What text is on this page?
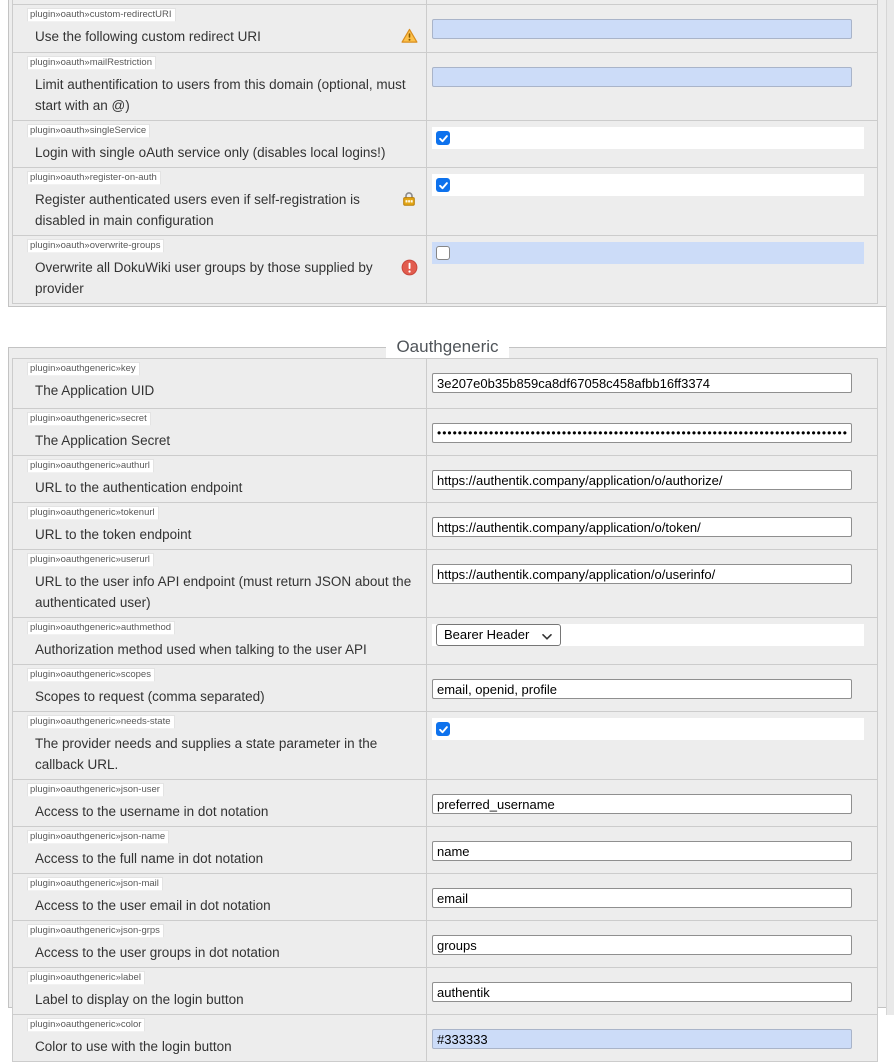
plugin»oauth»custom-redirectURI
Use the following custom redirect URI
plugin»oauth»mailRestriction
Limit authentification to users from this domain (optional, must start with an @)
plugin»oauth»singleService
Login with single oAuth service only (disables local logins!)
plugin»oauth»register-on-auth
Register authenticated users even if self-registration is disabled in main configuration
plugin»oauth»overwrite-groups
Overwrite all DokuWiki user groups by those supplied by provider
Oauthgeneric
plugin»oauthgeneric»key
The Application UID
3e207e0b35b859ca8df67058c458afbb16ff3374
plugin»oauthgeneric»secret
The Application Secret
••••••••••••••••••••••••••••••••••••••••••••••••••••••••••••••••••••••••••••••••••••••••
plugin»oauthgeneric»authurl
URL to the authentication endpoint
https://authentik.company/application/o/authorize/
plugin»oauthgeneric»tokenurl
URL to the token endpoint
https://authentik.company/application/o/token/
plugin»oauthgeneric»userurl
URL to the user info API endpoint (must return JSON about the authenticated user)
https://authentik.company/application/o/userinfo/
plugin»oauthgeneric»authmethod
Authorization method used when talking to the user API
Bearer Header
plugin»oauthgeneric»scopes
Scopes to request (comma separated)
email, openid, profile
plugin»oauthgeneric»needs-state
The provider needs and supplies a state parameter in the callback URL.
plugin»oauthgeneric»json-user
Access to the username in dot notation
preferred_username
plugin»oauthgeneric»json-name
Access to the full name in dot notation
name
plugin»oauthgeneric»json-mail
Access to the user email in dot notation
email
plugin»oauthgeneric»json-grps
Access to the user groups in dot notation
groups
plugin»oauthgeneric»label
Label to display on the login button
authentik
plugin»oauthgeneric»color
Color to use with the login button
#333333
